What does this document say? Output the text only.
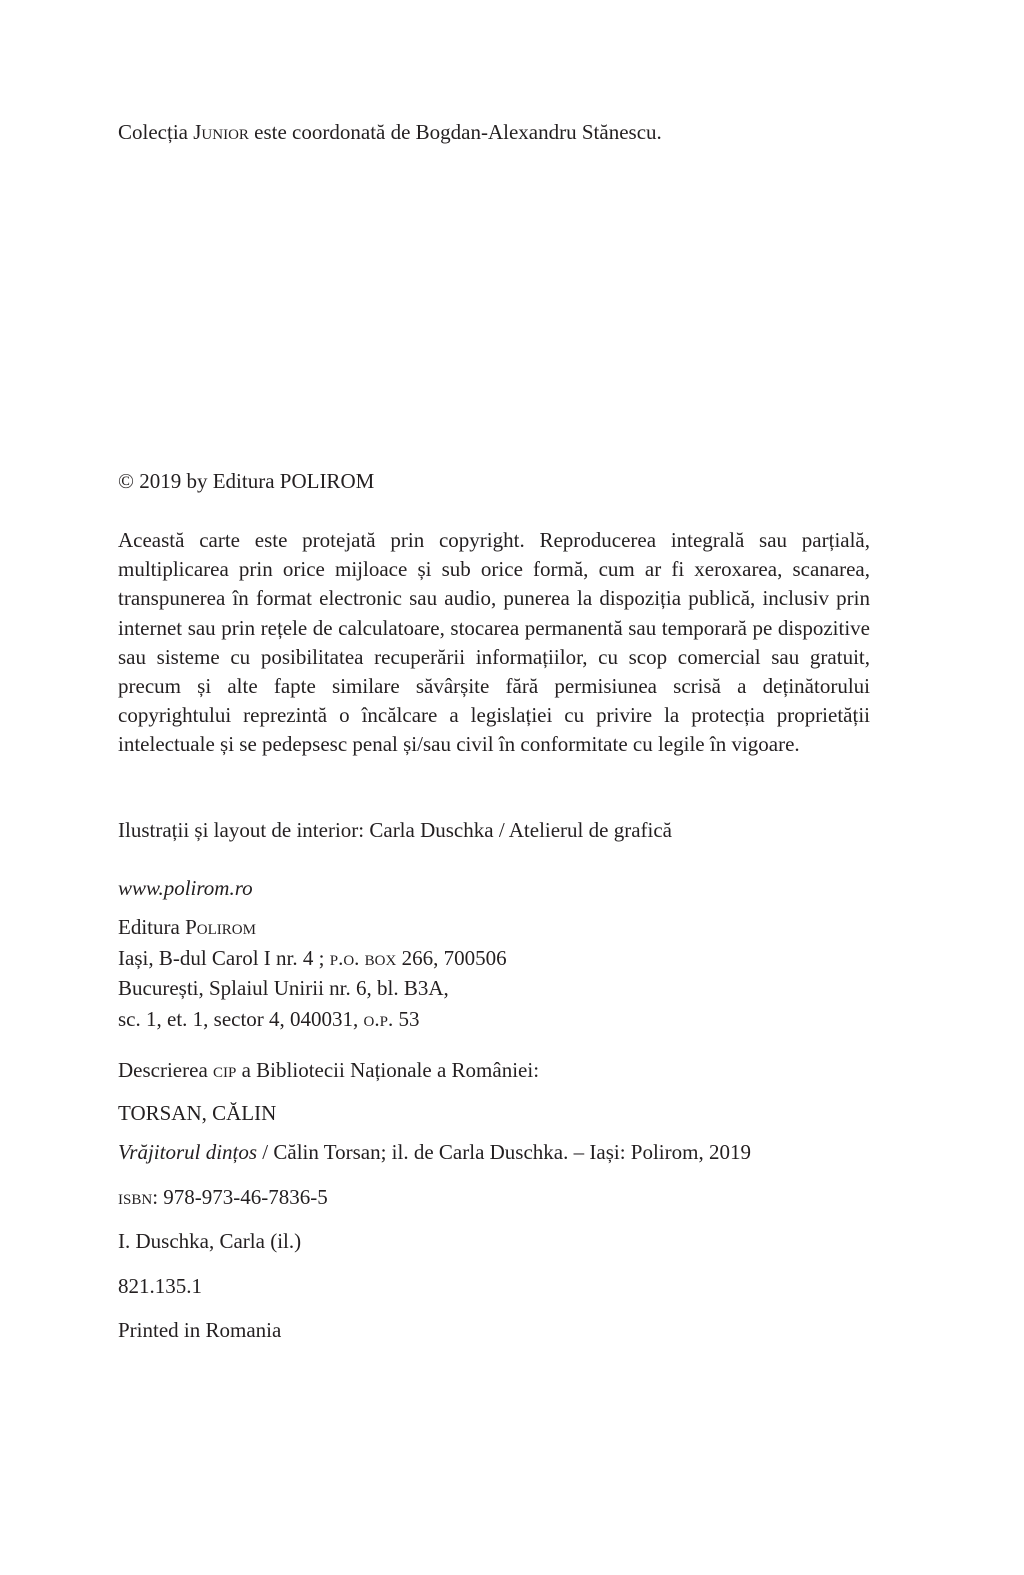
Colecția Junior este coordonată de Bogdan-Alexandru Stănescu.

© 2019 by Editura POLIROM

Această carte este protejată prin copyright. Reproducerea integrală sau parțială, multiplicarea prin orice mijloace și sub orice formă, cum ar fi xeroxarea, scanarea, transpunerea în format electronic sau audio, punerea la dispoziția publică, inclusiv prin internet sau prin rețele de calculatoare, stocarea permanentă sau temporară pe dispozitive sau sisteme cu posibilitatea recuperării informațiilor, cu scop comercial sau gratuit, precum și alte fapte similare săvârșite fără permisiunea scrisă a deținătorului copyrightului reprezintă o încălcare a legislației cu privire la protecția proprietății intelectuale și se pedepsesc penal și/sau civil în conformitate cu legile în vigoare.

Ilustrații și layout de interior: Carla Duschka / Atelierul de grafică

www.polirom.ro

Editura Polirom
Iași, B-dul Carol I nr. 4 ; p.o. box 266, 700506
București, Splaiul Unirii nr. 6, bl. B3A,
sc. 1, et. 1, sector 4, 040031, o.p. 53

Descrierea cip a Bibliotecii Naționale a României:

TORSAN, CĂLIN

Vrăjitorul dințos / Călin Torsan; il. de Carla Duschka. – Iași: Polirom, 2019

isbn: 978-973-46-7836-5

I. Duschka, Carla (il.)

821.135.1

Printed in Romania
